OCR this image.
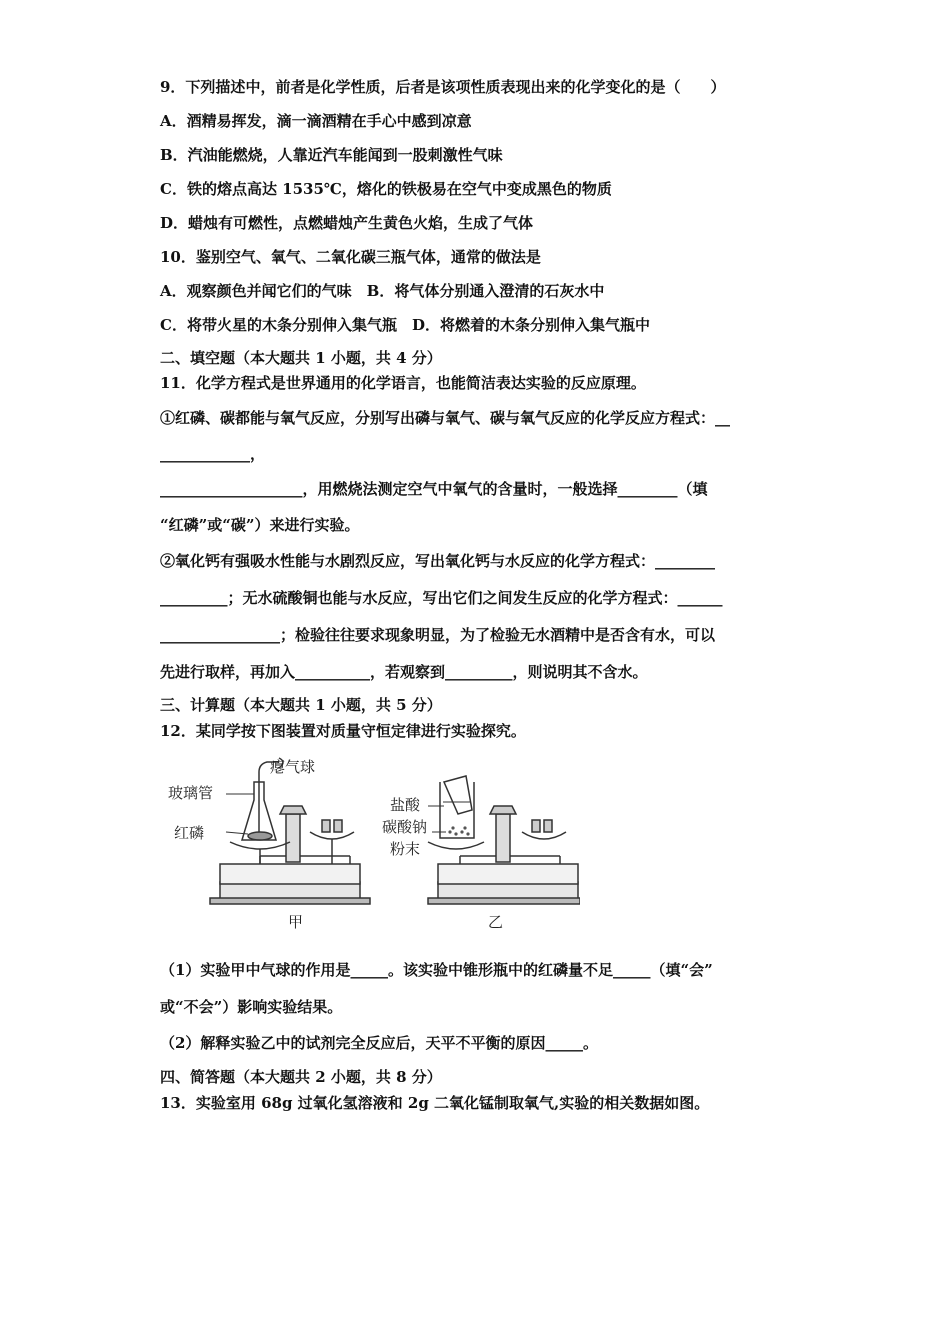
9．下列描述中，前者是化学性质，后者是该项性质表现出来的化学变化的是（　　）
A．酒精易挥发，滴一滴酒精在手心中感到凉意
B．汽油能燃烧，人靠近汽车能闻到一股刺激性气味
C．铁的熔点高达 1535℃，熔化的铁极易在空气中变成黑色的物质
D．蜡烛有可燃性，点燃蜡烛产生黄色火焰，生成了气体
10．鉴别空气、氧气、二氧化碳三瓶气体，通常的做法是
A．观察颜色并闻它们的气味　B．将气体分别通入澄清的石灰水中
C．将带火星的木条分别伸入集气瓶　D．将燃着的木条分别伸入集气瓶中
二、填空题（本大题共 1 小题，共 4 分）
11．化学方程式是世界通用的化学语言，也能简洁表达实验的反应原理。
①红磷、碳都能与氧气反应，分别写出磷与氧气、碳与氧气反应的化学反应方程式：__
____________，
___________________，用燃烧法测定空气中氧气的含量时，一般选择________（填
“红磷”或“碳”）来进行实验。
②氧化钙有强吸水性能与水剧烈反应，写出氧化钙与水反应的化学方程式：________
_________；无水硫酸铜也能与水反应，写出它们之间发生反应的化学方程式：______
________________；检验往往要求现象明显，为了检验无水酒精中是否含有水，可以
先进行取样，再加入__________，若观察到_________，则说明其不含水。
三、计算题（本大题共 1 小题，共 5 分）
12．某同学按下图装置对质量守恒定律进行实验探究。
玻璃管
红磷
瘪气球
甲
盐酸
碳酸钠
粉末
乙
（1）实验甲中气球的作用是_____。该实验中锥形瓶中的红磷量不足_____（填“会”
或“不会”）影响实验结果。
（2）解释实验乙中的试剂完全反应后，天平不平衡的原因_____。
四、简答题（本大题共 2 小题，共 8 分）
13．实验室用 68g 过氧化氢溶液和 2g 二氧化锰制取氧气,实验的相关数据如图。
